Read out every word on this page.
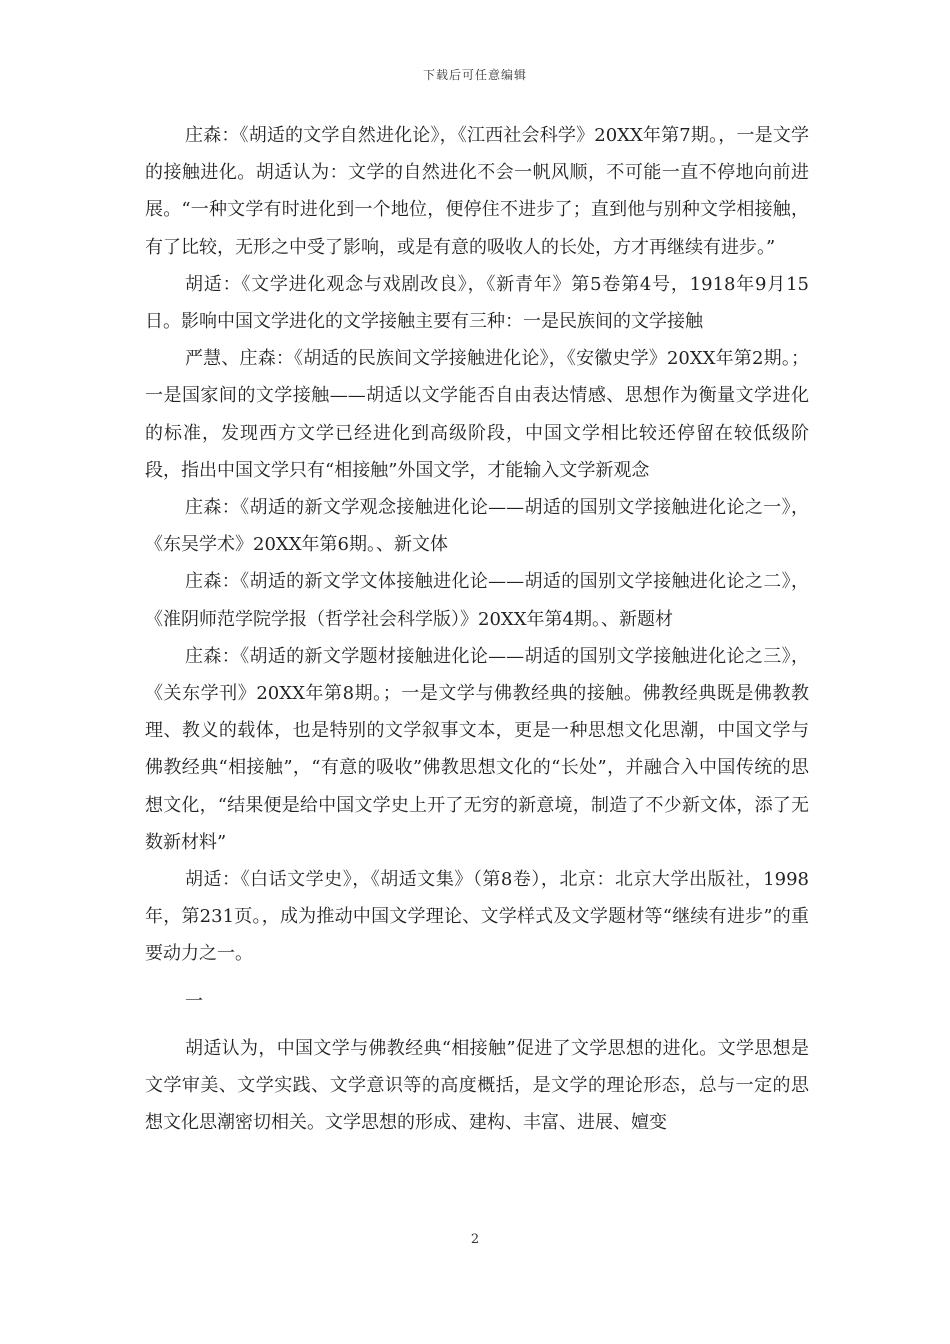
下载后可任意编辑

庄森：《胡适的文学自然进化论》，《江西社会科学》20XX年第7期。，一是文学的接触进化。胡适认为：文学的自然进化不会一帆风顺，不可能一直不停地向前进展。“一种文学有时进化到一个地位，便停住不进步了；直到他与别种文学相接触，有了比较，无形之中受了影响，或是有意的吸收人的长处，方才再继续有进步。”

胡适：《文学进化观念与戏剧改良》，《新青年》第5卷第4号，1918年9月15日。影响中国文学进化的文学接触主要有三种：一是民族间的文学接触

严慧、庄森：《胡适的民族间文学接触进化论》，《安徽史学》20XX年第2期。；一是国家间的文学接触——胡适以文学能否自由表达情感、思想作为衡量文学进化的标准，发现西方文学已经进化到高级阶段，中国文学相比较还停留在较低级阶段，指出中国文学只有“相接触”外国文学，才能输入文学新观念

庄森：《胡适的新文学观念接触进化论——胡适的国别文学接触进化论之一》，《东吴学术》20XX年第6期。、新文体

庄森：《胡适的新文学文体接触进化论——胡适的国别文学接触进化论之二》，《淮阴师范学院学报（哲学社会科学版）》20XX年第4期。、新题材

庄森：《胡适的新文学题材接触进化论——胡适的国别文学接触进化论之三》，《关东学刊》20XX年第8期。；一是文学与佛教经典的接触。佛教经典既是佛教教理、教义的载体，也是特别的文学叙事文本，更是一种思想文化思潮，中国文学与佛教经典“相接触”，“有意的吸收”佛教思想文化的“长处”，并融合入中国传统的思想文化，“结果便是给中国文学史上开了无穷的新意境，制造了不少新文体，添了无数新材料”

胡适：《白话文学史》，《胡适文集》（第8卷），北京：北京大学出版社，1998年，第231页。，成为推动中国文学理论、文学样式及文学题材等“继续有进步”的重要动力之一。

一

胡适认为，中国文学与佛教经典“相接触”促进了文学思想的进化。文学思想是文学审美、文学实践、文学意识等的高度概括，是文学的理论形态，总与一定的思想文化思潮密切相关。文学思想的形成、建构、丰富、进展、嬗变

2
